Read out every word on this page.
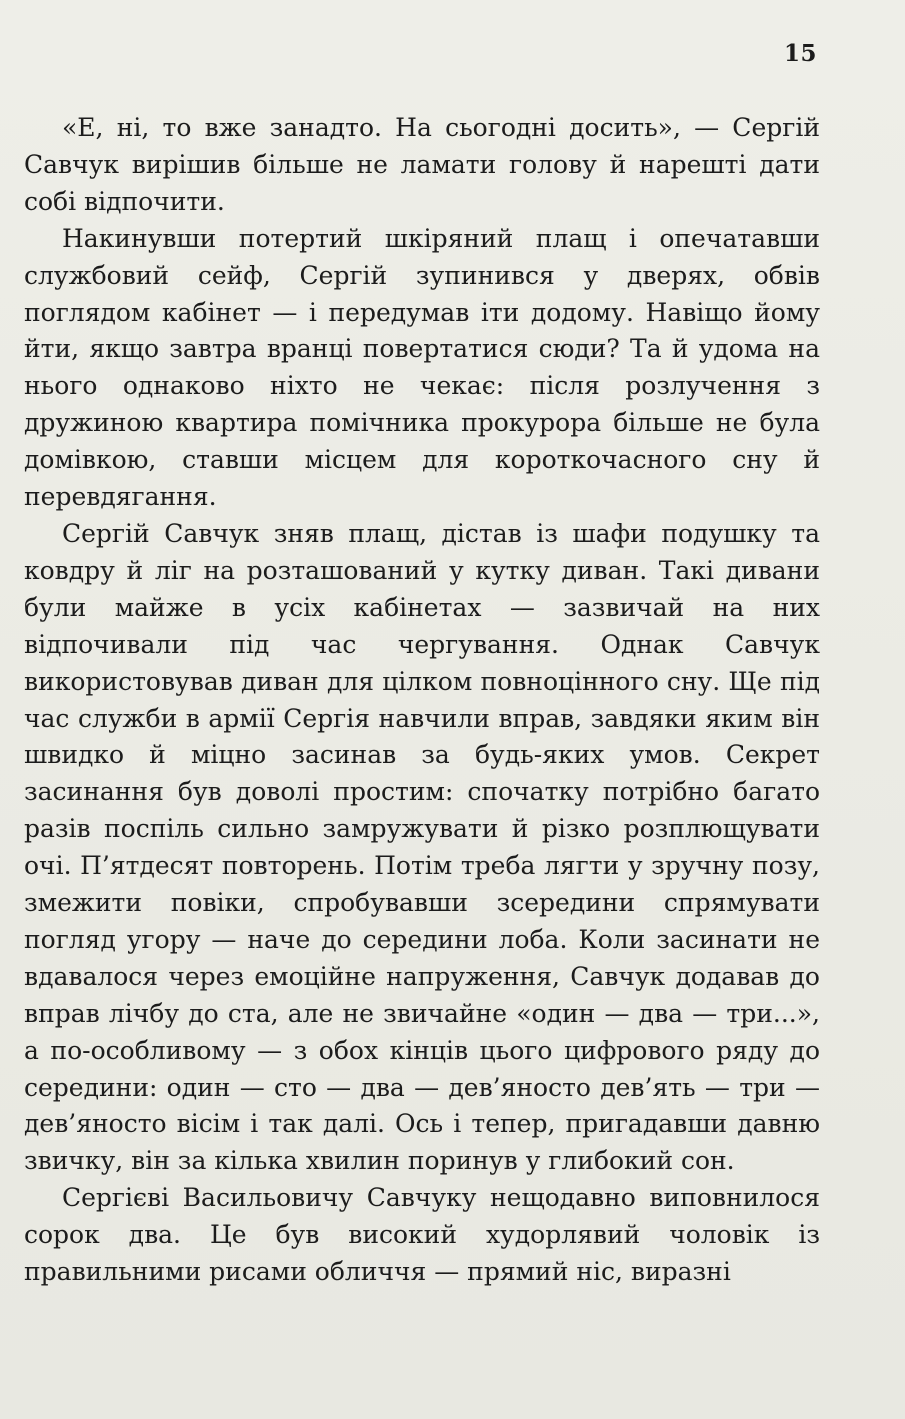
15

«Е, ні, то вже занадто. На сьогодні досить», — Сергій Савчук вирішив більше не ламати голову й нарешті дати собі відпочити.

Накинувши потертий шкіряний плащ і опечатавши службовий сейф, Сергій зупинився у дверях, обвів поглядом кабінет — і передумав іти додому. Навіщо йому йти, якщо завтра вранці повертатися сюди? Та й удома на нього однаково ніхто не чекає: після розлучення з дружиною квартира помічника прокурора більше не була домівкою, ставши місцем для короткочасного сну й перевдягання.

Сергій Савчук зняв плащ, дістав із шафи подушку та ковдру й ліг на розташований у кутку диван. Такі дивани були майже в усіх кабінетах — зазвичай на них відпочивали під час чергування. Однак Савчук використовував диван для цілком повноцінного сну. Ще під час служби в армії Сергія навчили вправ, завдяки яким він швидко й міцно засинав за будь-яких умов. Секрет засинання був доволі простим: спочатку потрібно багато разів поспіль сильно замружувати й різко розплющувати очі. П’ятдесят повторень. Потім треба лягти у зручну позу, змежити повіки, спробувавши зсередини спрямувати погляд угору — наче до середини лоба. Коли засинати не вдавалося через емоційне напруження, Савчук додавав до вправ лічбу до ста, але не звичайне «один — два — три...», а по-особливому — з обох кінців цього цифрового ряду до середини: один — сто — два — дев’яносто дев’ять — три — дев’яносто вісім і так далі. Ось і тепер, пригадавши давню звичку, він за кілька хвилин поринув у глибокий сон.

Сергієві Васильовичу Савчуку нещодавно виповнилося сорок два. Це був високий худорлявий чоловік із правильними рисами обличчя — прямий ніс, виразні
